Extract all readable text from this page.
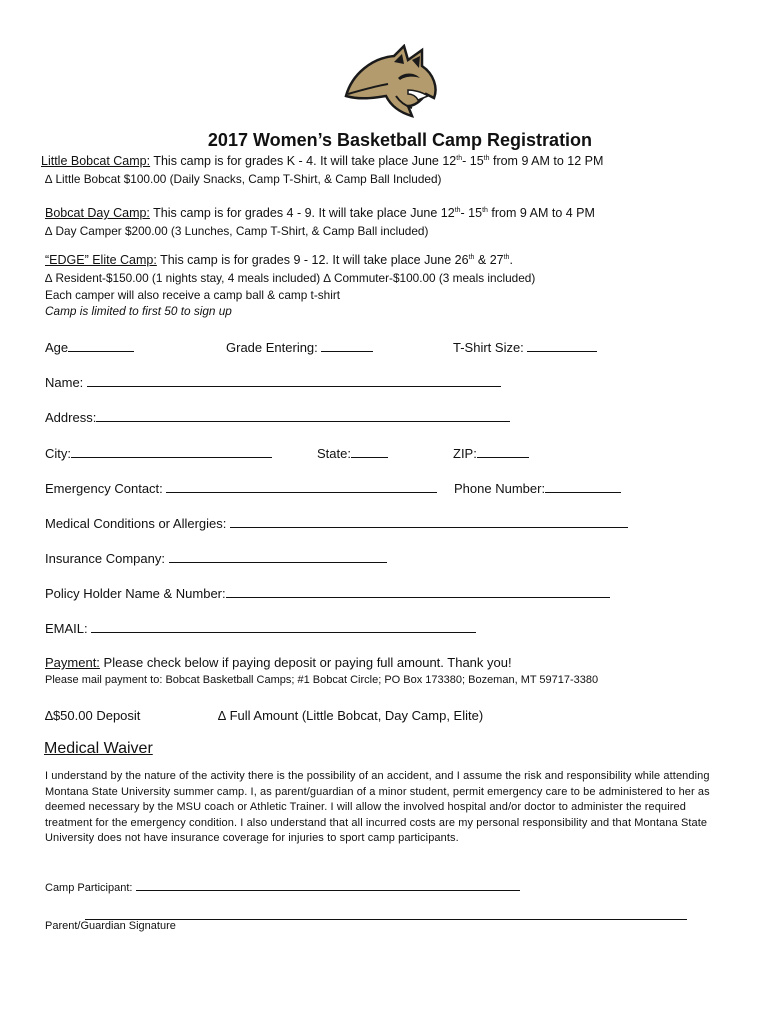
2017 Women’s Basketball Camp Registration
Little Bobcat Camp: This camp is for grades K - 4. It will take place June 12th- 15th from 9 AM to 12 PM
∆ Little Bobcat $100.00 (Daily Snacks, Camp T-Shirt, & Camp Ball Included)
Bobcat Day Camp: This camp is for grades 4 - 9. It will take place June 12th- 15th from 9 AM to 4 PM
∆ Day Camper $200.00 (3 Lunches, Camp T-Shirt, & Camp Ball included)
“EDGE” Elite Camp: This camp is for grades 9 - 12. It will take place June 26th & 27th.
∆ Resident-$150.00 (1 nights stay, 4 meals included) ∆ Commuter-$100.00 (3 meals included)
Each camper will also receive a camp ball & camp t-shirt
Camp is limited to first 50 to sign up
Age	Grade Entering:	T-Shirt Size:
Name:
Address:
City:	State:	ZIP:
Emergency Contact:	Phone Number:
Medical Conditions or Allergies:
Insurance Company:
Policy Holder Name & Number:
EMAIL:
Payment: Please check below if paying deposit or paying full amount. Thank you!
Please mail payment to: Bobcat Basketball Camps; #1 Bobcat Circle; PO Box 173380; Bozeman, MT 59717-3380
∆$50.00 Deposit	∆ Full Amount (Little Bobcat, Day Camp, Elite)
Medical Waiver
I understand by the nature of the activity there is the possibility of an accident, and I assume the risk and responsibility while attending Montana State University summer camp. I, as parent/guardian of a minor student, permit emergency care to be administered to her as deemed necessary by the MSU coach or Athletic Trainer. I will allow the involved hospital and/or doctor to administer the required treatment for the emergency condition. I also understand that all incurred costs are my personal responsibility and that Montana State University does not have insurance coverage for injuries to sport camp participants.
Camp Participant:
Parent/Guardian Signature
